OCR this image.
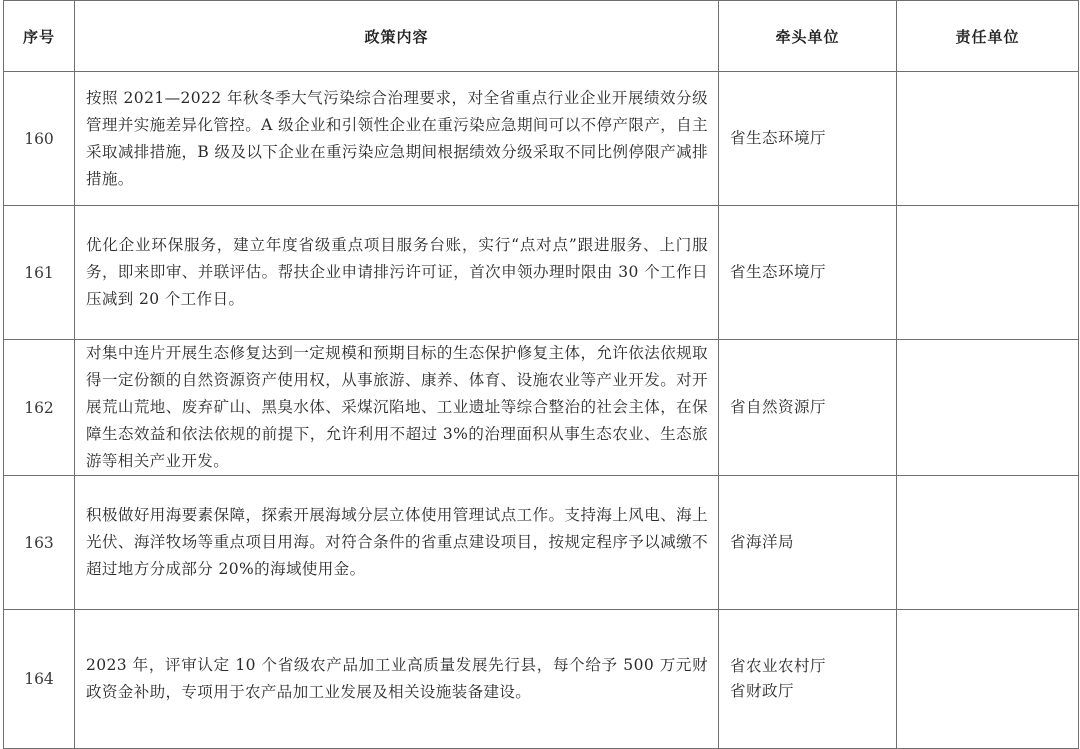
序号	政策内容	牵头单位	责任单位
160	按照 2021—2022 年秋冬季大气污染综合治理要求，对全省重点行业企业开展绩效分级管理并实施差异化管控。A 级企业和引领性企业在重污染应急期间可以不停产限产，自主采取减排措施，B 级及以下企业在重污染应急期间根据绩效分级采取不同比例停限产减排措施。	省生态环境厅	

161	优化企业环保服务，建立年度省级重点项目服务台账，实行“点对点”跟进服务、上门服务，即来即审、并联评估。帮扶企业申请排污许可证，首次申领办理时限由 30 个工作日压减到 20 个工作日。	省生态环境厅	

162	对集中连片开展生态修复达到一定规模和预期目标的生态保护修复主体，允许依法依规取得一定份额的自然资源资产使用权，从事旅游、康养、体育、设施农业等产业开发。对开展荒山荒地、废弃矿山、黑臭水体、采煤沉陷地、工业遗址等综合整治的社会主体，在保障生态效益和依法依规的前提下，允许利用不超过 3%的治理面积从事生态农业、生态旅游等相关产业开发。	省自然资源厅	

163	积极做好用海要素保障，探索开展海域分层立体使用管理试点工作。支持海上风电、海上光伏、海洋牧场等重点项目用海。对符合条件的省重点建设项目，按规定程序予以减缴不超过地方分成部分 20%的海域使用金。	省海洋局	

164	2023 年，评审认定 10 个省级农产品加工业高质量发展先行县，每个给予 500 万元财政资金补助，专项用于农产品加工业发展及相关设施装备建设。	省农业农村厅
省财政厅	
